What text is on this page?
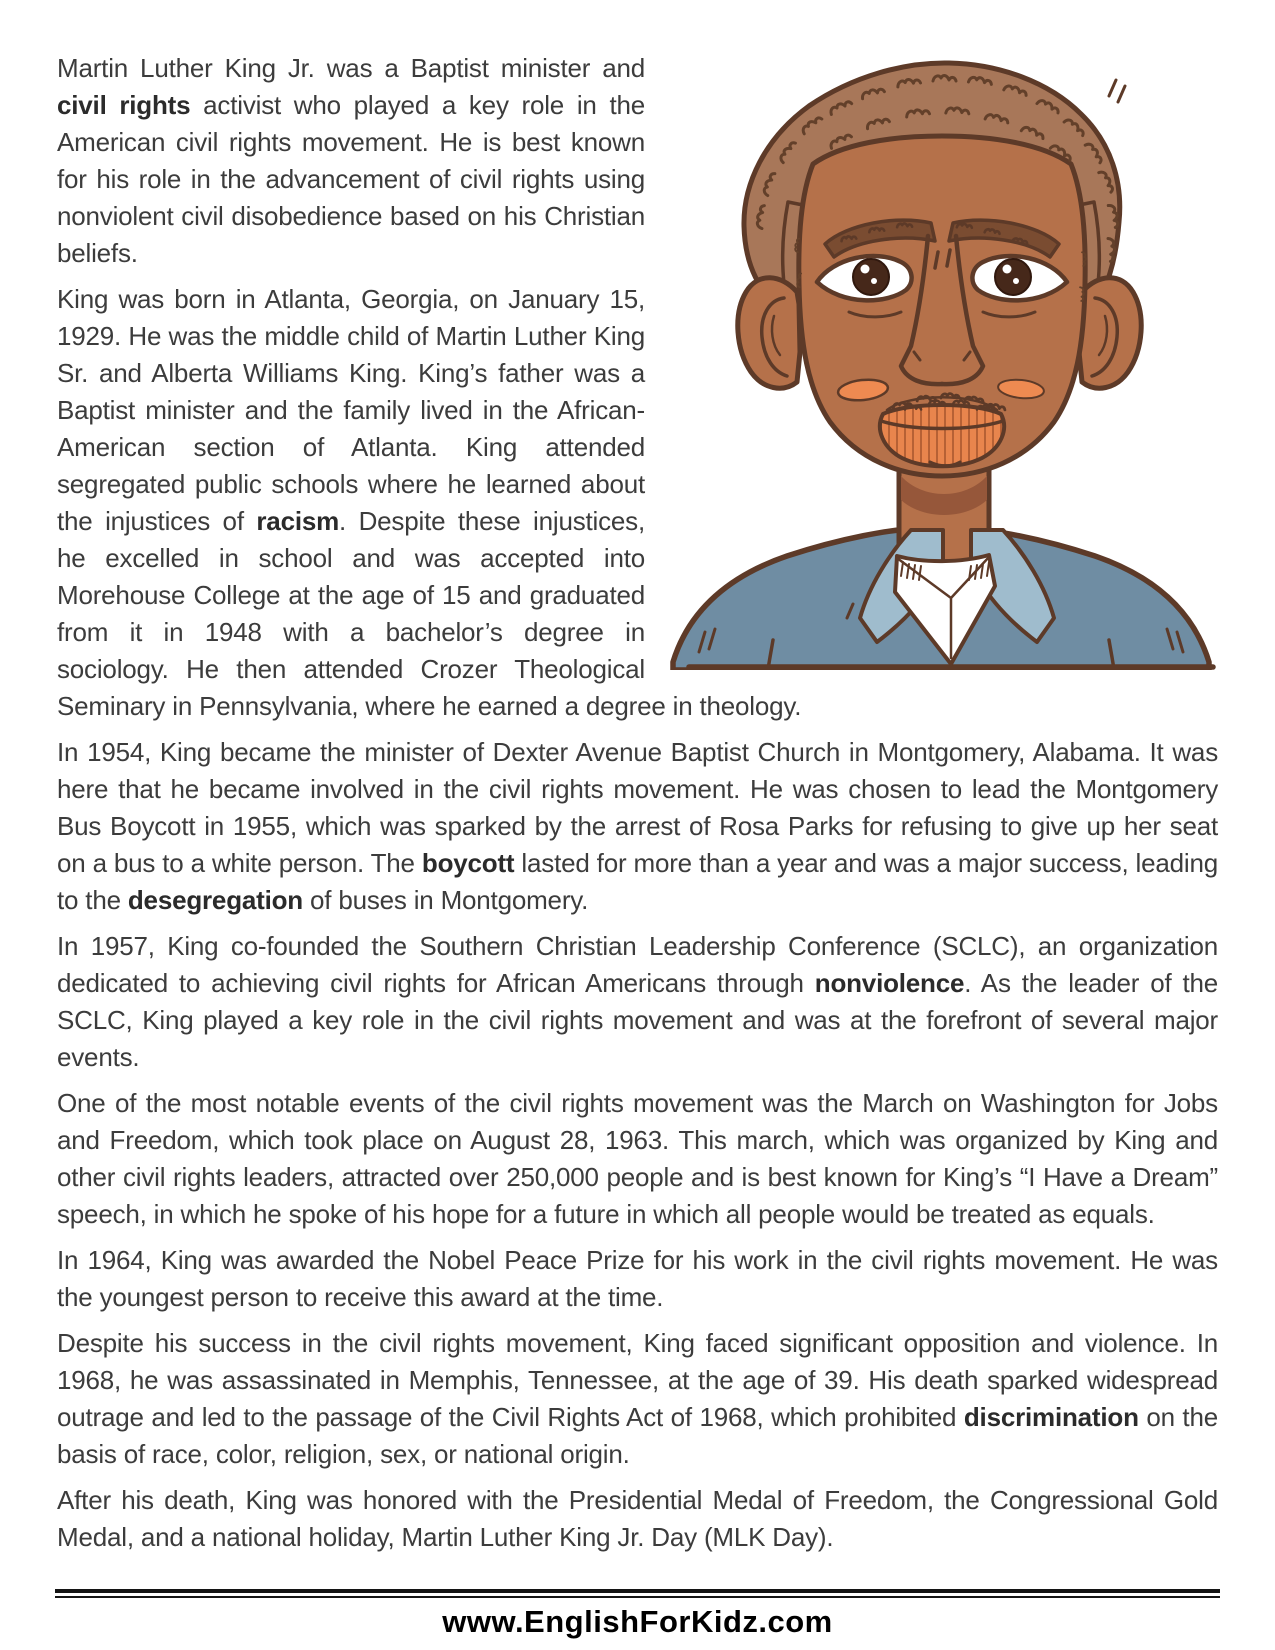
Martin Luther King Jr. was a Baptist minister and civil rights activist who played a key role in the American civil rights movement. He is best known for his role in the advancement of civil rights using nonviolent civil disobedience based on his Christian beliefs.

King was born in Atlanta, Georgia, on January 15, 1929. He was the middle child of Martin Luther King Sr. and Alberta Williams King. King’s father was a Baptist minister and the family lived in the African-American section of Atlanta. King attended segregated public schools where he learned about the injustices of racism. Despite these injustices, he excelled in school and was accepted into Morehouse College at the age of 15 and graduated from it in 1948 with a bachelor’s degree in sociology. He then attended Crozer Theological Seminary in Pennsylvania, where he earned a degree in theology.

In 1954, King became the minister of Dexter Avenue Baptist Church in Montgomery, Alabama. It was here that he became involved in the civil rights movement. He was chosen to lead the Montgomery Bus Boycott in 1955, which was sparked by the arrest of Rosa Parks for refusing to give up her seat on a bus to a white person. The boycott lasted for more than a year and was a major success, leading to the desegregation of buses in Montgomery.

In 1957, King co-founded the Southern Christian Leadership Conference (SCLC), an organization dedicated to achieving civil rights for African Americans through nonviolence. As the leader of the SCLC, King played a key role in the civil rights movement and was at the forefront of several major events.

One of the most notable events of the civil rights movement was the March on Washington for Jobs and Freedom, which took place on August 28, 1963. This march, which was organized by King and other civil rights leaders, attracted over 250,000 people and is best known for King’s “I Have a Dream” speech, in which he spoke of his hope for a future in which all people would be treated as equals.

In 1964, King was awarded the Nobel Peace Prize for his work in the civil rights movement. He was the youngest person to receive this award at the time.

Despite his success in the civil rights movement, King faced significant opposition and violence. In 1968, he was assassinated in Memphis, Tennessee, at the age of 39. His death sparked widespread outrage and led to the passage of the Civil Rights Act of 1968, which prohibited discrimination on the basis of race, color, religion, sex, or national origin.

After his death, King was honored with the Presidential Medal of Freedom, the Congressional Gold Medal, and a national holiday, Martin Luther King Jr. Day (MLK Day).

www.EnglishForKidz.com
